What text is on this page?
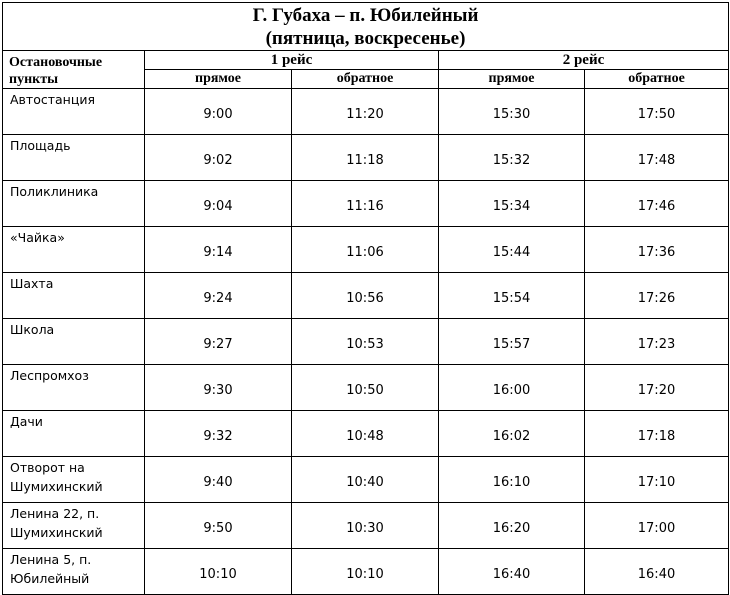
Г. Губаха – п. Юбилейный
(пятница, воскресенье)				

Остановочные пункты	1 рейс		2 рейс	
	прямое	обратное	прямое	обратное
Автостанция	9:00	11:20	15:30	17:50
Площадь	9:02	11:18	15:32	17:48
Поликлиника	9:04	11:16	15:34	17:46
«Чайка»	9:14	11:06	15:44	17:36
Шахта	9:24	10:56	15:54	17:26
Школа	9:27	10:53	15:57	17:23
Леспромхоз	9:30	10:50	16:00	17:20
Дачи	9:32	10:48	16:02	17:18
Отворот на Шумихинский	9:40	10:40	16:10	17:10
Ленина 22, п. Шумихинский	9:50	10:30	16:20	17:00
Ленина 5, п. Юбилейный	10:10	10:10	16:40	16:40
